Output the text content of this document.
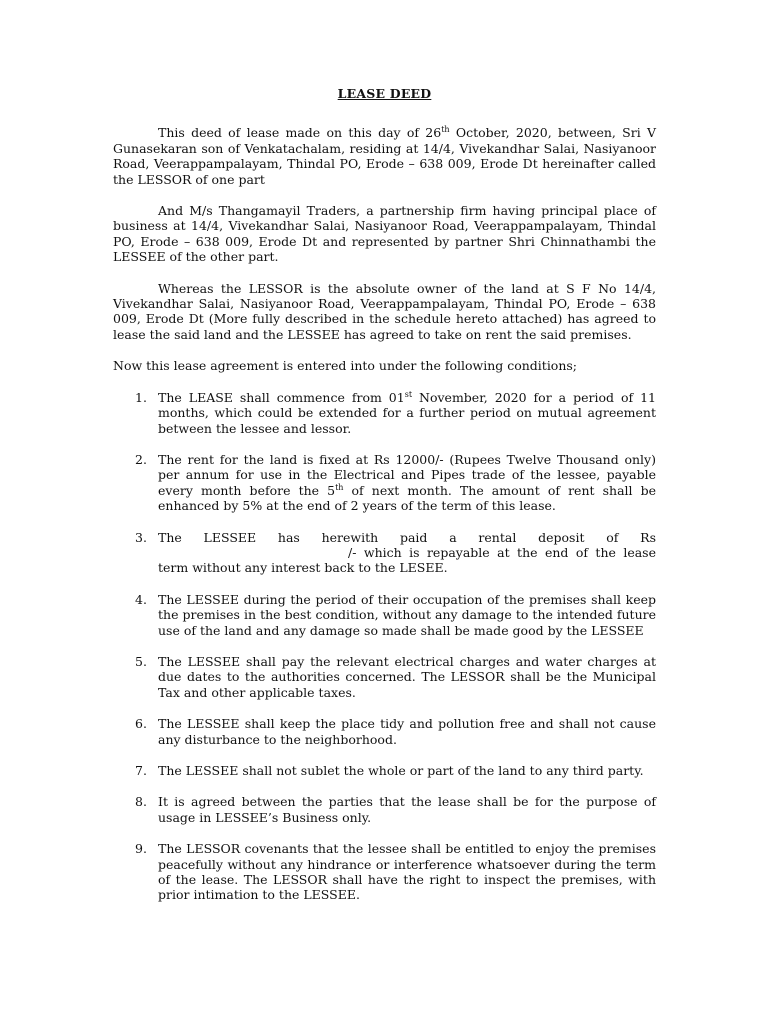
LEASE DEED

This deed of lease made on this day of 26th October, 2020, between, Sri V Gunasekaran son of Venkatachalam, residing at 14/4, Vivekandhar Salai, Nasiyanoor Road, Veerappampalayam, Thindal PO, Erode – 638 009, Erode Dt hereinafter called the LESSOR of one part

And M/s Thangamayil Traders, a partnership firm having principal place of business at 14/4, Vivekandhar Salai, Nasiyanoor Road, Veerappampalayam, Thindal PO, Erode – 638 009, Erode Dt and represented by partner Shri Chinnathambi the LESSEE of the other part.

Whereas the LESSOR is the absolute owner of the land at S F No 14/4, Vivekandhar Salai, Nasiyanoor Road, Veerappampalayam, Thindal PO, Erode – 638 009, Erode Dt (More fully described in the schedule hereto attached) has agreed to lease the said land and the LESSEE has agreed to take on rent the said premises.

Now this lease agreement is entered into under the following conditions;

1. The LEASE shall commence from 01st November, 2020 for a period of 11 months, which could be extended for a further period on mutual agreement between the lessee and lessor.
2. The rent for the land is fixed at Rs 12000/- (Rupees Twelve Thousand only) per annum for use in the Electrical and Pipes trade of the lessee, payable every month before the 5th of next month. The amount of rent shall be enhanced by 5% at the end of 2 years of the term of this lease.
3. The LESSEE has herewith paid a rental deposit of Rs/- which is repayable at the end of the lease term without any interest back to the LESEE.
4. The LESSEE during the period of their occupation of the premises shall keep the premises in the best condition, without any damage to the intended future use of the land and any damage so made shall be made good by the LESSEE
5. The LESSEE shall pay the relevant electrical charges and water charges at due dates to the authorities concerned. The LESSOR shall be the Municipal Tax and other applicable taxes.
6. The LESSEE shall keep the place tidy and pollution free and shall not cause any disturbance to the neighborhood.
7. The LESSEE shall not sublet the whole or part of the land to any third party.
8. It is agreed between the parties that the lease shall be for the purpose of usage in LESSEE’s Business only.
9. The LESSOR covenants that the lessee shall be entitled to enjoy the premises peacefully without any hindrance or interference whatsoever during the term of the lease. The LESSOR shall have the right to inspect the premises, with prior intimation to the LESSEE.
